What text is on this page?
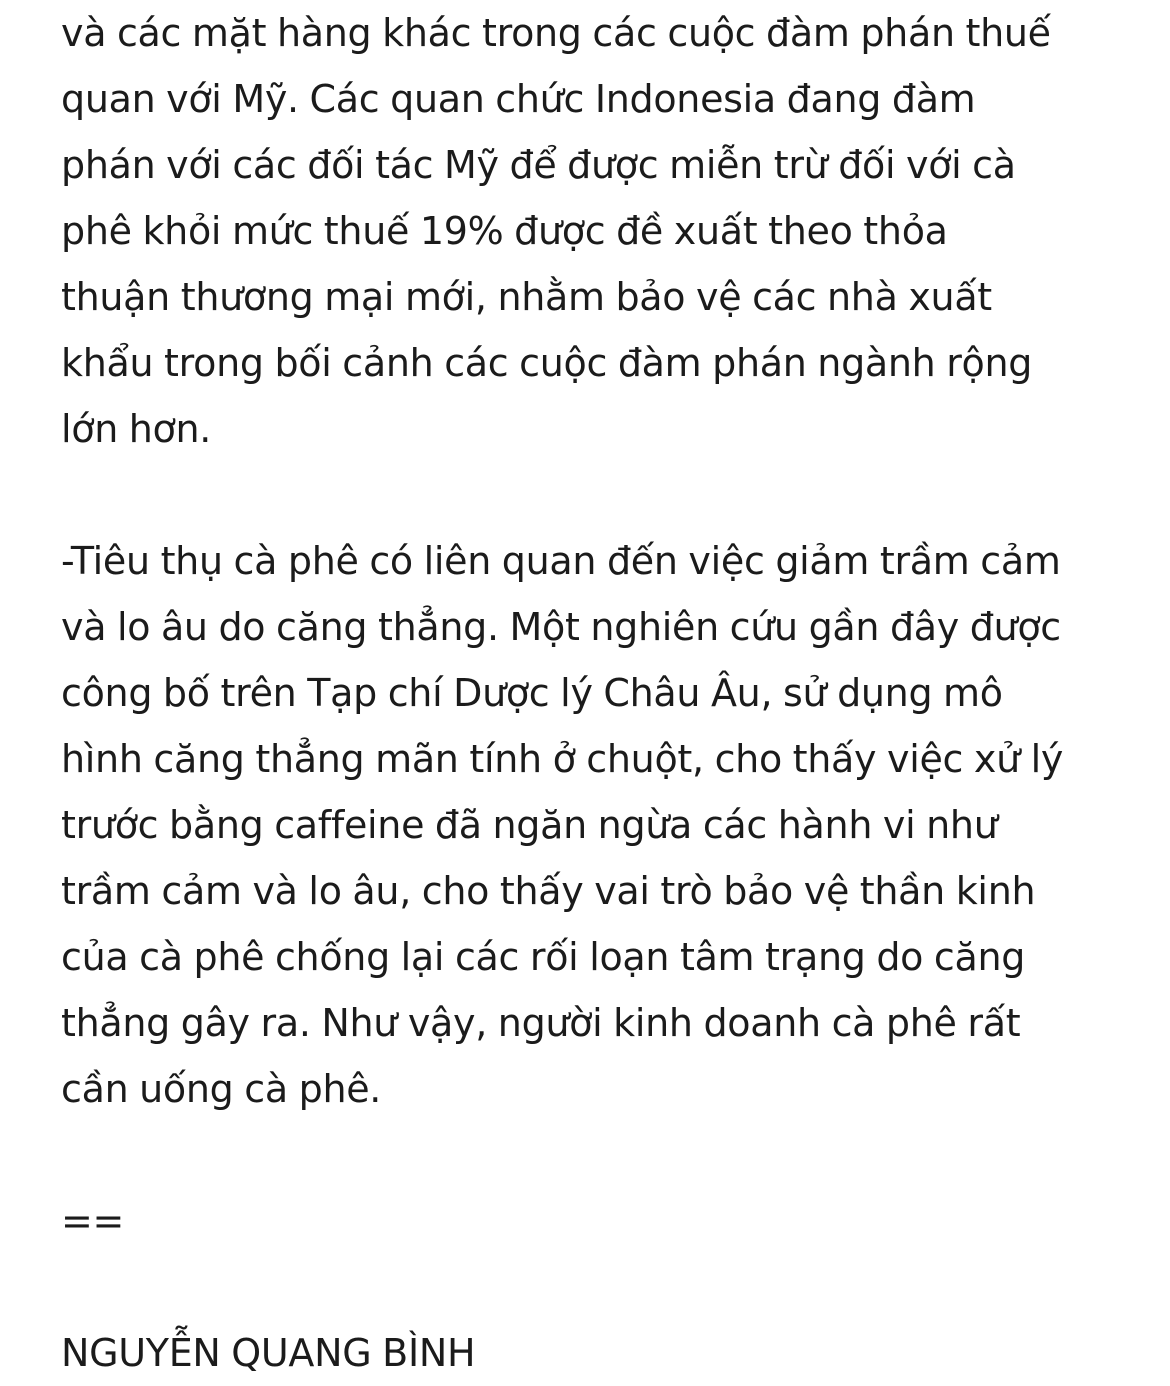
và các mặt hàng khác trong các cuộc đàm phán thuế
quan với Mỹ. Các quan chức Indonesia đang đàm
phán với các đối tác Mỹ để được miễn trừ đối với cà
phê khỏi mức thuế 19% được đề xuất theo thỏa
thuận thương mại mới, nhằm bảo vệ các nhà xuất
khẩu trong bối cảnh các cuộc đàm phán ngành rộng
lớn hơn.
-Tiêu thụ cà phê có liên quan đến việc giảm trầm cảm
và lo âu do căng thẳng. Một nghiên cứu gần đây được
công bố trên Tạp chí Dược lý Châu Âu, sử dụng mô
hình căng thẳng mãn tính ở chuột, cho thấy việc xử lý
trước bằng caffeine đã ngăn ngừa các hành vi như
trầm cảm và lo âu, cho thấy vai trò bảo vệ thần kinh
của cà phê chống lại các rối loạn tâm trạng do căng
thẳng gây ra. Như vậy, người kinh doanh cà phê rất
cần uống cà phê.
==
NGUYỄN QUANG BÌNH
